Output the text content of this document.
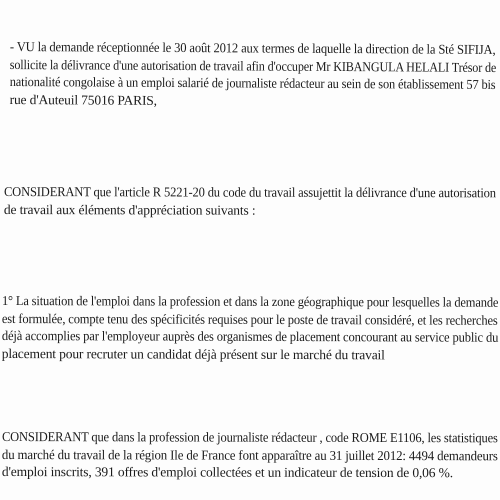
- VU la demande réceptionnée le 30 août 2012 aux termes de laquelle la direction de la Sté SIFIJA,
sollicite la délivrance d'une autorisation de travail afin d'occuper Mr KIBANGULA HELALI Trésor de
nationalité congolaise à un emploi salarié de journaliste rédacteur au sein de son établissement 57 bis
rue d'Auteuil 75016 PARIS,
CONSIDERANT que l'article R 5221-20 du code du travail assujettit la délivrance d'une autorisation
de travail aux éléments d'appréciation suivants :
1° La situation de l'emploi dans la profession et dans la zone géographique pour lesquelles la demande
est formulée, compte tenu des spécificités requises pour le poste de travail considéré, et les recherches
déjà accomplies par l'employeur auprès des organismes de placement concourant au service public du
placement pour recruter un candidat déjà présent sur le marché du travail
CONSIDERANT que dans la profession de journaliste rédacteur , code ROME E1106, les statistiques
du marché du travail de la région Ile de France font apparaître au 31 juillet 2012: 4494 demandeurs
d'emploi inscrits, 391 offres d'emploi collectées et un indicateur de tension de 0,06 %.
